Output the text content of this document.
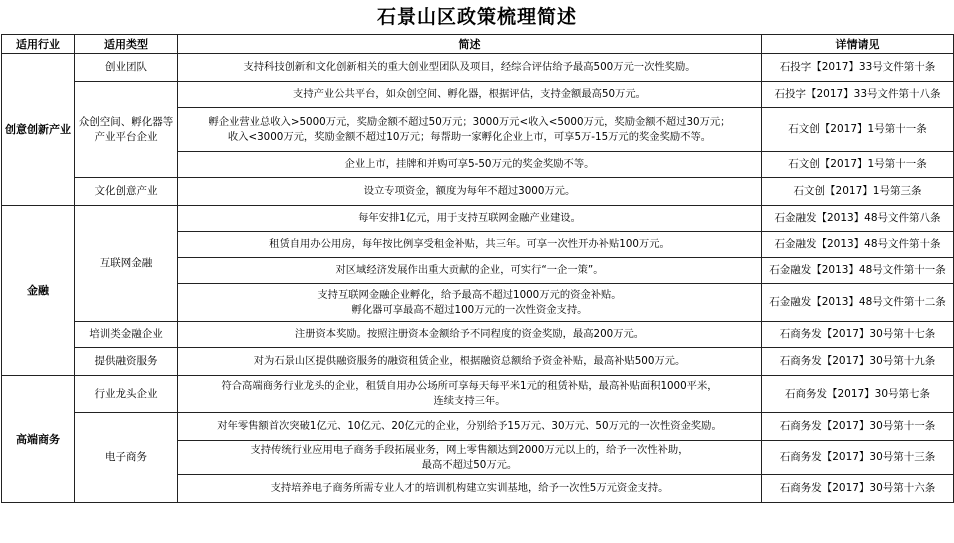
石景山区政策梳理简述
适用行业	适用类型	简述	详情请见
创意创新产业	创业团队	支持科技创新和文化创新相关的重大创业型团队及项目，经综合评估给予最高500万元一次性奖励。	石投字【2017】33号文件第十条
	众创空间、孵化器等产业平台企业	支持产业公共平台，如众创空间、孵化器，根据评估，支持金额最高50万元。	石投字【2017】33号文件第十八条

		孵企业营业总收入>5000万元，奖励金额不超过50万元；3000万元<收入<5000万元，奖励金额不超过30万元；
收入<3000万元，奖励金额不超过10万元；每帮助一家孵化企业上市，可享5万-15万元的奖金奖励不等。	石文创【2017】1号第十一条

		企业上市，挂牌和并购可享5-50万元的奖金奖励不等。	石文创【2017】1号第十一条
	文化创意产业	设立专项资金，额度为每年不超过3000万元。	石文创【2017】1号第三条
金融	互联网金融	每年安排1亿元，用于支持互联网金融产业建设。	石金融发【2013】48号文件第八条

		租赁自用办公用房，每年按比例享受租金补贴，共三年。可享一次性开办补贴100万元。	石金融发【2013】48号文件第十条

		对区域经济发展作出重大贡献的企业，可实行“一企一策”。	石金融发【2013】48号文件第十一条

		支持互联网金融企业孵化，给予最高不超过1000万元的资金补贴。
孵化器可享最高不超过100万元的一次性资金支持。	石金融发【2013】48号文件第十二条
	培训类金融企业	注册资本奖励。按照注册资本金额给予不同程度的资金奖励，最高200万元。	石商务发【2017】30号第十七条
	提供融资服务	对为石景山区提供融资服务的融资租赁企业，根据融资总额给予资金补贴，最高补贴500万元。	石商务发【2017】30号第十九条
高端商务	行业龙头企业	符合高端商务行业龙头的企业，租赁自用办公场所可享每天每平米1元的租赁补贴，最高补贴面积1000平米，
连续支持三年。	石商务发【2017】30号第七条
	电子商务	对年零售额首次突破1亿元、10亿元、20亿元的企业，分别给予15万元、30万元、50万元的一次性资金奖励。	石商务发【2017】30号第十一条

		支持传统行业应用电子商务手段拓展业务，网上零售额达到2000万元以上的，给予一次性补助，
最高不超过50万元。	石商务发【2017】30号第十三条

		支持培养电子商务所需专业人才的培训机构建立实训基地，给予一次性5万元资金支持。	石商务发【2017】30号第十六条
